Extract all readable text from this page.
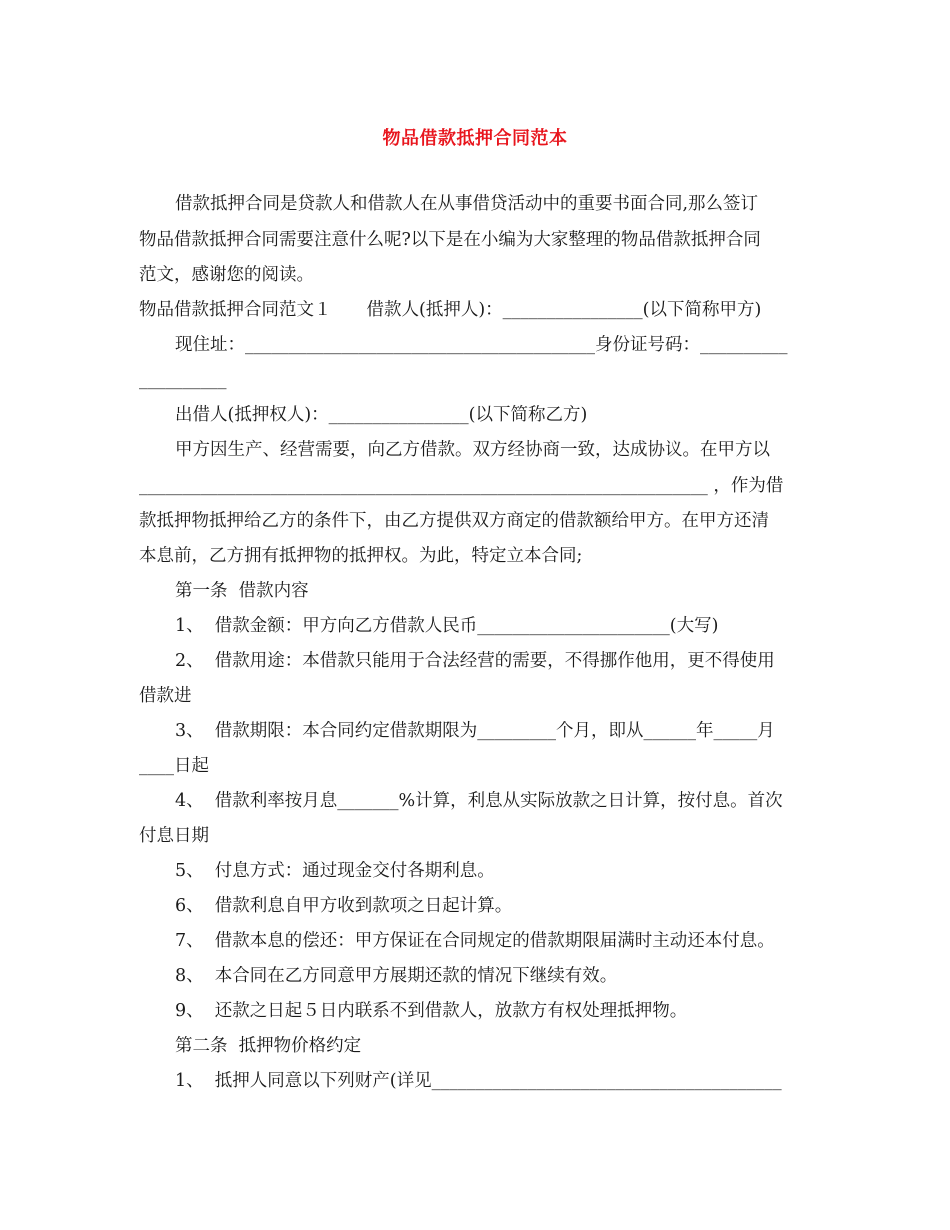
物品借款抵押合同范本
借款抵押合同是贷款人和借款人在从事借贷活动中的重要书面合同,那么签订
物品借款抵押合同需要注意什么呢?以下是在小编为大家整理的物品借款抵押合同
范文，感谢您的阅读。
物品借款抵押合同范文１　　借款人(抵押人)：________________(以下简称甲方)
现住址：________________________________________身份证号码：__________
__________
出借人(抵押权人)：________________(以下简称乙方)
甲方因生产、经营需要，向乙方借款。双方经协商一致，达成协议。在甲方以
_________________________________________________________________ ，作为借
款抵押物抵押给乙方的条件下，由乙方提供双方商定的借款额给甲方。在甲方还清
本息前，乙方拥有抵押物的抵押权。为此，特定立本合同;
第一条  借款内容
1、  借款金额：甲方向乙方借款人民币______________________(大写)
2、  借款用途：本借款只能用于合法经营的需要，不得挪作他用，更不得使用
借款进
3、  借款期限：本合同约定借款期限为_________个月，即从______年_____月
____日起
4、  借款利率按月息_______%计算，利息从实际放款之日计算，按付息。首次
付息日期
5、  付息方式：通过现金交付各期利息。
6、  借款利息自甲方收到款项之日起计算。
7、  借款本息的偿还：甲方保证在合同规定的借款期限届满时主动还本付息。
8、  本合同在乙方同意甲方展期还款的情况下继续有效。
9、  还款之日起５日内联系不到借款人，放款方有权处理抵押物。
第二条  抵押物价格约定
1、  抵押人同意以下列财产(详见________________________________________
